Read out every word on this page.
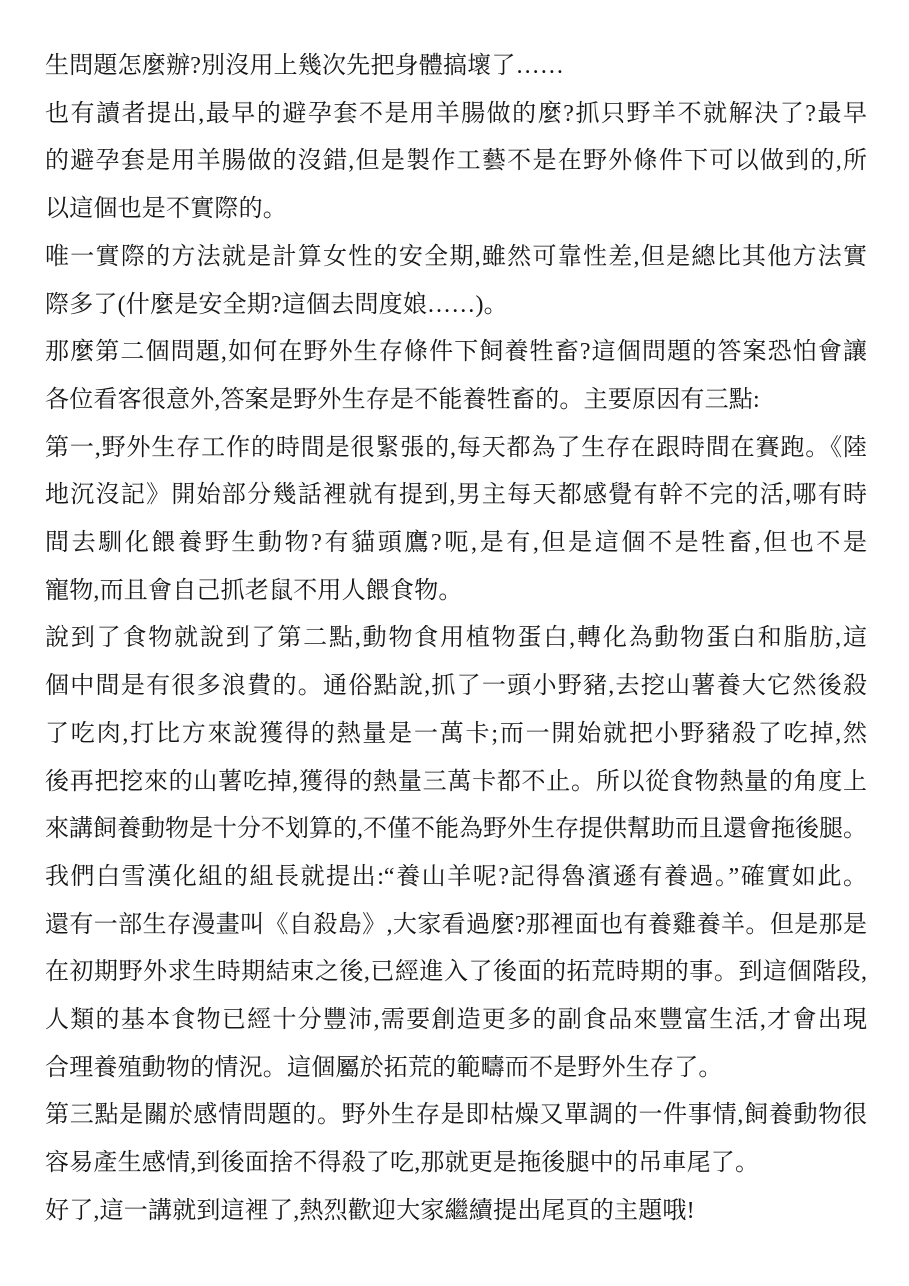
生問題怎麼辦?別沒用上幾次先把身體搞壞了……
也有讀者提出,最早的避孕套不是用羊腸做的麼?抓只野羊不就解決了?最早
的避孕套是用羊腸做的沒錯,但是製作工藝不是在野外條件下可以做到的,所
以這個也是不實際的。
唯一實際的方法就是計算女性的安全期,雖然可靠性差,但是總比其他方法實
際多了(什麼是安全期?這個去問度娘……)。
那麼第二個問題,如何在野外生存條件下飼養牲畜?這個問題的答案恐怕會讓
各位看客很意外,答案是野外生存是不能養牲畜的。主要原因有三點:
第一,野外生存工作的時間是很緊張的,每天都為了生存在跟時間在賽跑。《陸
地沉沒記》開始部分幾話裡就有提到,男主每天都感覺有幹不完的活,哪有時
間去馴化餵養野生動物?有貓頭鷹?呃,是有,但是這個不是牲畜,但也不是
寵物,而且會自己抓老鼠不用人餵食物。
說到了食物就說到了第二點,動物食用植物蛋白,轉化為動物蛋白和脂肪,這
個中間是有很多浪費的。通俗點說,抓了一頭小野豬,去挖山薯養大它然後殺
了吃肉,打比方來說獲得的熱量是一萬卡;而一開始就把小野豬殺了吃掉,然
後再把挖來的山薯吃掉,獲得的熱量三萬卡都不止。所以從食物熱量的角度上
來講飼養動物是十分不划算的,不僅不能為野外生存提供幫助而且還會拖後腿。
我們白雪漢化組的組長就提出:“養山羊呢?記得魯濱遜有養過。”確實如此。
還有一部生存漫畫叫《自殺島》,大家看過麼?那裡面也有養雞養羊。但是那是
在初期野外求生時期結束之後,已經進入了後面的拓荒時期的事。到這個階段,
人類的基本食物已經十分豐沛,需要創造更多的副食品來豐富生活,才會出現
合理養殖動物的情況。這個屬於拓荒的範疇而不是野外生存了。
第三點是關於感情問題的。野外生存是即枯燥又單調的一件事情,飼養動物很
容易產生感情,到後面捨不得殺了吃,那就更是拖後腿中的吊車尾了。
好了,這一講就到這裡了,熱烈歡迎大家繼續提出尾頁的主題哦!
